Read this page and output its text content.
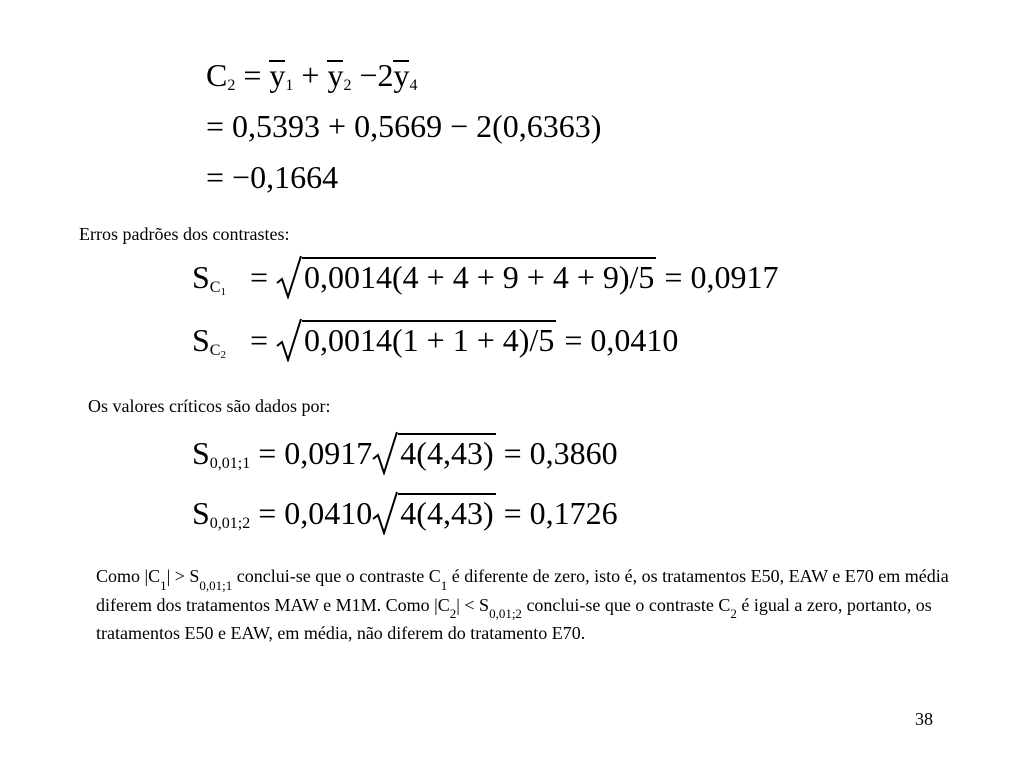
$C_2 = y_1 + y_2 -2y_4$
= 0,5393 + 0,5669 − 2(0,6363)
= −0,1664
Erros padrões dos contrastes:
$S_{C_1} = 0,0014(4 + 4 + 9 + 4 + 9)/5 = 0,0917$
$S_{C_2} = 0,0014(1 + 1 + 4)/5 = 0,0410$
Os valores críticos são dados por:
$S_{0,01;1} = 0,0917$ 4(4,43) = 0,3860
$S_{0,01;2} = 0,0410$ 4(4,43) = 0,1726
Como $|C_1| > S_{0,01;1}$ conclui-se que o contraste $C_1$ é diferente de zero, isto é, os tratamentos E50, EAW e E70 em média diferem dos tratamentos MAW e M1M. Como $|C_2| < S_{0,01;2}$ conclui-se que o contraste $C_2$ é igual a zero, portanto, os tratamentos E50 e EAW, em média, não diferem do tratamento E70.
38
